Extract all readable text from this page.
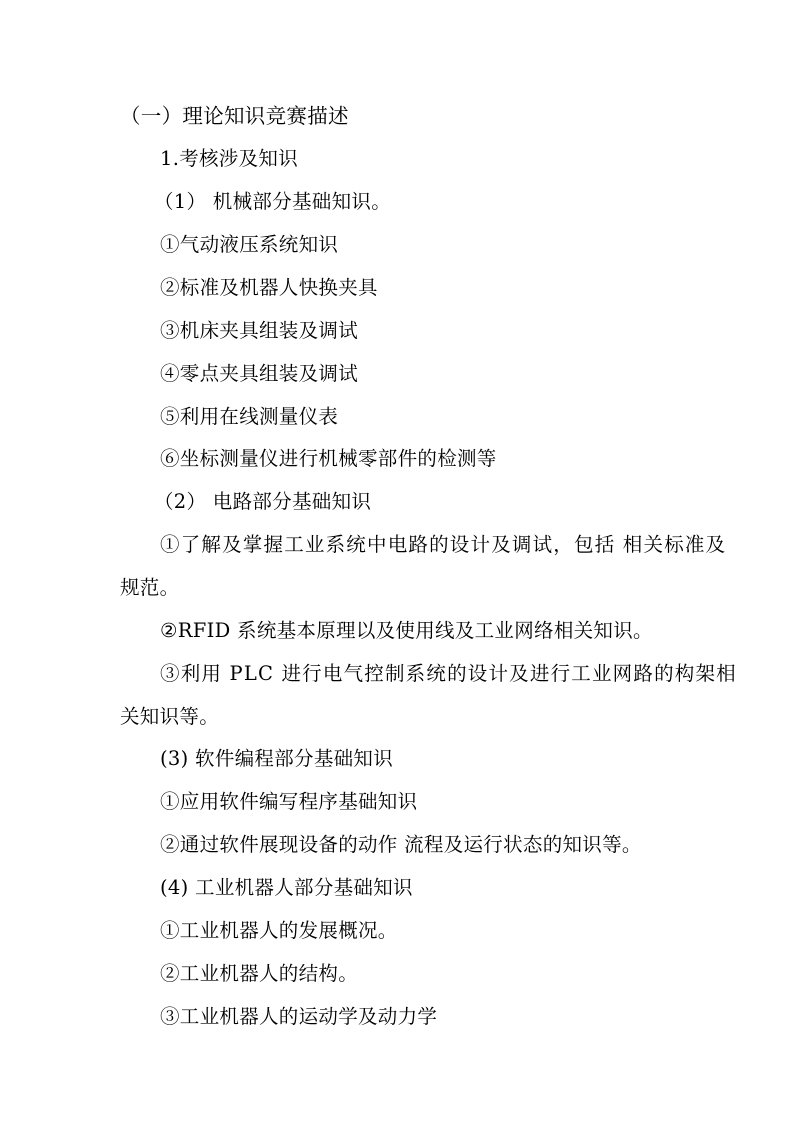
（一）理论知识竞赛描述
1.考核涉及知识
（1） 机械部分基础知识。
①气动液压系统知识
②标准及机器人快换夹具
③机床夹具组装及调试
④零点夹具组装及调试
⑤利用在线测量仪表
⑥坐标测量仪进行机械零部件的检测等
（2） 电路部分基础知识
①了解及掌握工业系统中电路的设计及调试，包括 相关标准及
规范。
②RFID 系统基本原理以及使用线及工业网络相关知识。
③利用 PLC 进行电气控制系统的设计及进行工业网路的构架相
关知识等。
(3) 软件编程部分基础知识
①应用软件编写程序基础知识
②通过软件展现设备的动作 流程及运行状态的知识等。
(4) 工业机器人部分基础知识
①工业机器人的发展概况。
②工业机器人的结构。
③工业机器人的运动学及动力学
